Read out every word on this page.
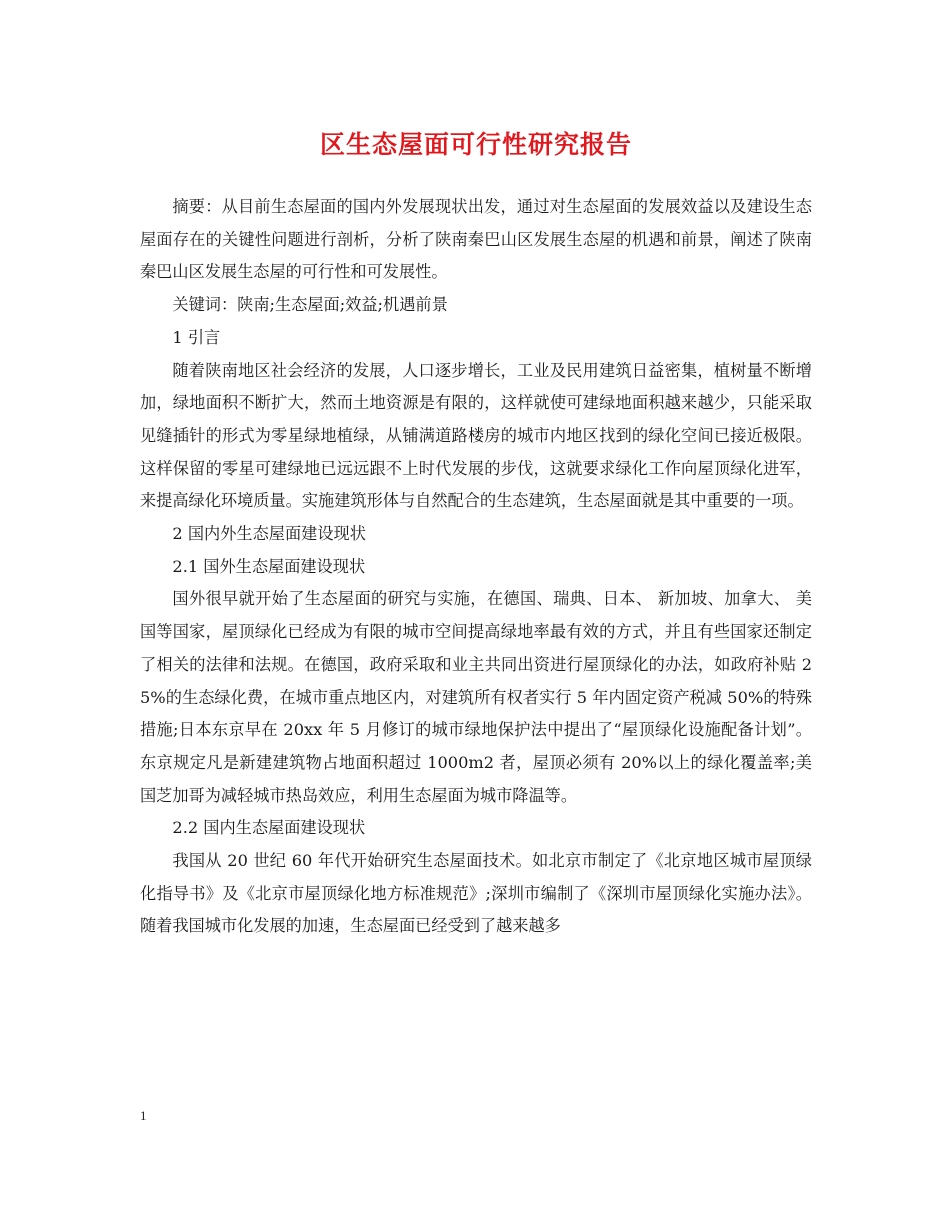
区生态屋面可行性研究报告

摘要：从目前生态屋面的国内外发展现状出发，通过对生态屋面的发展效益以及建设生态屋面存在的关键性问题进行剖析，分析了陕南秦巴山区发展生态屋的机遇和前景，阐述了陕南秦巴山区发展生态屋的可行性和可发展性。

关键词：陕南;生态屋面;效益;机遇前景

1 引言

随着陕南地区社会经济的发展，人口逐步增长，工业及民用建筑日益密集，植树量不断增加，绿地面积不断扩大，然而土地资源是有限的，这样就使可建绿地面积越来越少，只能采取见缝插针的形式为零星绿地植绿，从铺满道路楼房的城市内地区找到的绿化空间已接近极限。这样保留的零星可建绿地已远远跟不上时代发展的步伐，这就要求绿化工作向屋顶绿化进军，来提高绿化环境质量。实施建筑形体与自然配合的生态建筑，生态屋面就是其中重要的一项。

2 国内外生态屋面建设现状

2.1 国外生态屋面建设现状

国外很早就开始了生态屋面的研究与实施，在德国、瑞典、日本、 新加坡、加拿大、 美国等国家，屋顶绿化已经成为有限的城市空间提高绿地率最有效的方式，并且有些国家还制定了相关的法律和法规。在德国，政府采取和业主共同出资进行屋顶绿化的办法，如政府补贴 25%的生态绿化费，在城市重点地区内，对建筑所有权者实行 5 年内固定资产税减 50%的特殊措施;日本东京早在 20xx 年 5 月修订的城市绿地保护法中提出了“屋顶绿化设施配备计划”。东京规定凡是新建建筑物占地面积超过 1000m2 者，屋顶必须有 20%以上的绿化覆盖率;美国芝加哥为减轻城市热岛效应，利用生态屋面为城市降温等。

2.2 国内生态屋面建设现状

我国从 20 世纪 60 年代开始研究生态屋面技术。如北京市制定了《北京地区城市屋顶绿化指导书》及《北京市屋顶绿化地方标准规范》;深圳市编制了《深圳市屋顶绿化实施办法》。随着我国城市化发展的加速，生态屋面已经受到了越来越多

1
